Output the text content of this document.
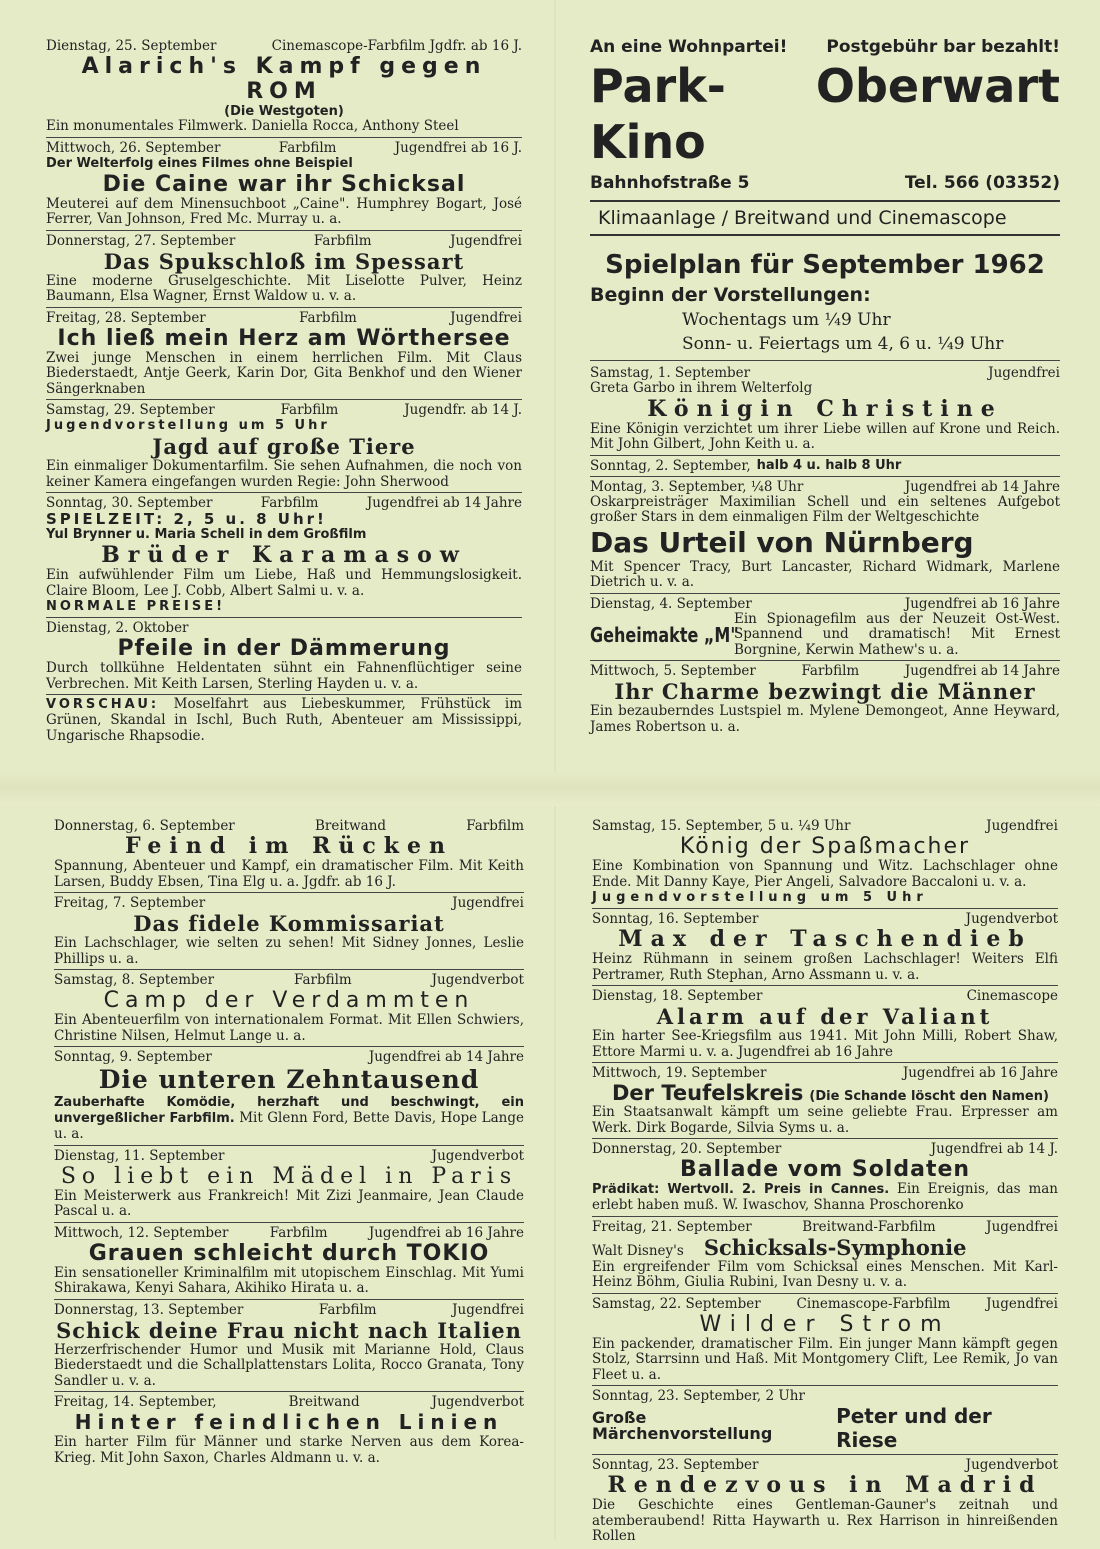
Dienstag, 25. September	Cinemascope-Farbfilm Jgdfr. ab 16 J.
Alarich's Kampf gegen ROM
(Die Westgoten)
Ein monumentales Filmwerk. Daniella Rocca, Anthony Steel
Mittwoch, 26. September	Farbfilm	Jugendfrei ab 16 J.
Der Welterfolg eines Filmes ohne Beispiel
Die Caine war ihr Schicksal
Meuterei auf dem Minensuchboot „Caine". Humphrey Bogart, José Ferrer, Van Johnson, Fred Mc. Murray u. a.
Donnerstag, 27. September	Farbfilm	Jugendfrei
Das Spukschloß im Spessart
Eine moderne Gruselgeschichte. Mit Liselotte Pulver, Heinz Baumann, Elsa Wagner, Ernst Waldow u. v. a.
Freitag, 28. September	Farbfilm	Jugendfrei
Ich ließ mein Herz am Wörthersee
Zwei junge Menschen in einem herrlichen Film. Mit Claus Biederstaedt, Antje Geerk, Karin Dor, Gita Benkhof und den Wiener Sängerknaben
Samstag, 29. September	Farbfilm	Jugendfr. ab 14 J.
Jugendvorstellung um 5 Uhr
Jagd auf große Tiere
Ein einmaliger Dokumentarfilm. Sie sehen Aufnahmen, die noch von keiner Kamera eingefangen wurden Regie: John Sherwood
Sonntag, 30. September	Farbfilm	Jugendfrei ab 14 Jahre
SPIELZEIT: 2, 5 u. 8 Uhr!
Yul Brynner u. Maria Schell in dem Großfilm
Brüder Karamasow
Ein aufwühlender Film um Liebe, Haß und Hemmungslosigkeit. Claire Bloom, Lee J. Cobb, Albert Salmi u. v. a.
NORMALE PREISE!
Dienstag, 2. Oktober
Pfeile in der Dämmerung
Durch tollkühne Heldentaten sühnt ein Fahnenflüchtiger seine Verbrechen. Mit Keith Larsen, Sterling Hayden u. v. a.
VORSCHAU: Moselfahrt aus Liebeskummer, Frühstück im Grünen, Skandal in Ischl, Buch Ruth, Abenteuer am Mississippi, Ungarische Rhapsodie.
An eine Wohnpartei! Postgebühr bar bezahlt!
Park-Kino
Oberwart
Bahnhofstraße 5	Tel. 566 (03352)
Klimaanlage / Breitwand und Cinemascope
Spielplan für September 1962
Beginn der Vorstellungen:
Wochentags um ¼9 Uhr
Sonn- u. Feiertags um 4, 6 u. ¼9 Uhr
Samstag, 1. September	Jugendfrei
Greta Garbo in ihrem Welterfolg
Königin Christine
Eine Königin verzichtet um ihrer Liebe willen auf Krone und Reich. Mit John Gilbert, John Keith u. a.
Sonntag, 2. September, halb 4 u. halb 8 Uhr
Montag, 3. September, ¼8 Uhr	Jugendfrei ab 14 Jahre
Oskarpreisträger Maximilian Schell und ein seltenes Aufgebot großer Stars in dem einmaligen Film der Weltgeschichte
Das Urteil von Nürnberg
Mit Spencer Tracy, Burt Lancaster, Richard Widmark, Marlene Dietrich u. v. a.
Dienstag, 4. September	Jugendfrei ab 16 Jahre
Geheimakte „M"
Ein Spionagefilm aus der Neuzeit Ost-West. Spannend und dramatisch! Mit Ernest Borgnine, Kerwin Mathew's u. a.
Mittwoch, 5. September	Farbfilm	Jugendfrei ab 14 Jahre
Ihr Charme bezwingt die Männer
Ein bezauberndes Lustspiel m. Mylene Demongeot, Anne Heyward, James Robertson u. a.
Donnerstag, 6. September	Breitwand	Farbfilm
Feind im Rücken
Spannung, Abenteuer und Kampf, ein dramatischer Film. Mit Keith Larsen, Buddy Ebsen, Tina Elg u. a. Jgdfr. ab 16 J.
Freitag, 7. September	Jugendfrei
Das fidele Kommissariat
Ein Lachschlager, wie selten zu sehen! Mit Sidney Jonnes, Leslie Phillips u. a.
Samstag, 8. September	Farbfilm	Jugendverbot
Camp der Verdammten
Ein Abenteuerfilm von internationalem Format. Mit Ellen Schwiers, Christine Nilsen, Helmut Lange u. a.
Sonntag, 9. September	Jugendfrei ab 14 Jahre
Die unteren Zehntausend
Zauberhafte Komödie, herzhaft und beschwingt, ein unvergeßlicher Farbfilm. Mit Glenn Ford, Bette Davis, Hope Lange u. a.
Dienstag, 11. September	Jugendverbot
So liebt ein Mädel in Paris
Ein Meisterwerk aus Frankreich! Mit Zizi Jeanmaire, Jean Claude Pascal u. a.
Mittwoch, 12. September	Farbfilm	Jugendfrei ab 16 Jahre
Grauen schleicht durch TOKIO
Ein sensationeller Kriminalfilm mit utopischem Einschlag. Mit Yumi Shirakawa, Kenyi Sahara, Akihiko Hirata u. a.
Donnerstag, 13. September	Farbfilm	Jugendfrei
Schick deine Frau nicht nach Italien
Herzerfrischender Humor und Musik mit Marianne Hold, Claus Biederstaedt und die Schallplattenstars Lolita, Rocco Granata, Tony Sandler u. v. a.
Freitag, 14. September,	Breitwand	Jugendverbot
Hinter feindlichen Linien
Ein harter Film für Männer und starke Nerven aus dem Korea-Krieg. Mit John Saxon, Charles Aldmann u. v. a.
Samstag, 15. September, 5 u. ¼9 Uhr	Jugendfrei
König der Spaßmacher
Eine Kombination von Spannung und Witz. Lachschlager ohne Ende. Mit Danny Kaye, Pier Angeli, Salvadore Baccaloni u. v. a.
Jugendvorstellung um 5 Uhr
Sonntag, 16. September	Jugendverbot
Max der Taschendieb
Heinz Rühmann in seinem großen Lachschlager! Weiters Elfi Pertramer, Ruth Stephan, Arno Assmann u. v. a.
Dienstag, 18. September	Cinemascope
Alarm auf der Valiant
Ein harter See-Kriegsfilm aus 1941. Mit John Milli, Robert Shaw, Ettore Marmi u. v. a. Jugendfrei ab 16 Jahre
Mittwoch, 19. September	Jugendfrei ab 16 Jahre
Der Teufelskreis (Die Schande löscht den Namen)
Ein Staatsanwalt kämpft um seine geliebte Frau. Erpresser am Werk. Dirk Bogarde, Silvia Syms u. a.
Donnerstag, 20. September	Jugendfrei ab 14 J.
Ballade vom Soldaten
Prädikat: Wertvoll. 2. Preis in Cannes. Ein Ereignis, das man erlebt haben muß. W. Iwaschov, Shanna Proschorenko
Freitag, 21. September	Breitwand-Farbfilm	Jugendfrei
Walt Disney's Schicksals-Symphonie
Ein ergreifender Film vom Schicksal eines Menschen. Mit Karl-Heinz Böhm, Giulia Rubini, Ivan Desny u. v. a.
Samstag, 22. September	Cinemascope-Farbfilm	Jugendfrei
Wilder Strom
Ein packender, dramatischer Film. Ein junger Mann kämpft gegen Stolz, Starrsinn und Haß. Mit Montgomery Clift, Lee Remik, Jo van Fleet u. a.
Sonntag, 23. September, 2 Uhr
Große Märchenvorstellung
Peter und der Riese
Sonntag, 23. September	Jugendverbot
Rendezvous in Madrid
Die Geschichte eines Gentleman-Gauner's zeitnah und atemberaubend! Ritta Haywarth u. Rex Harrison in hinreißenden Rollen
